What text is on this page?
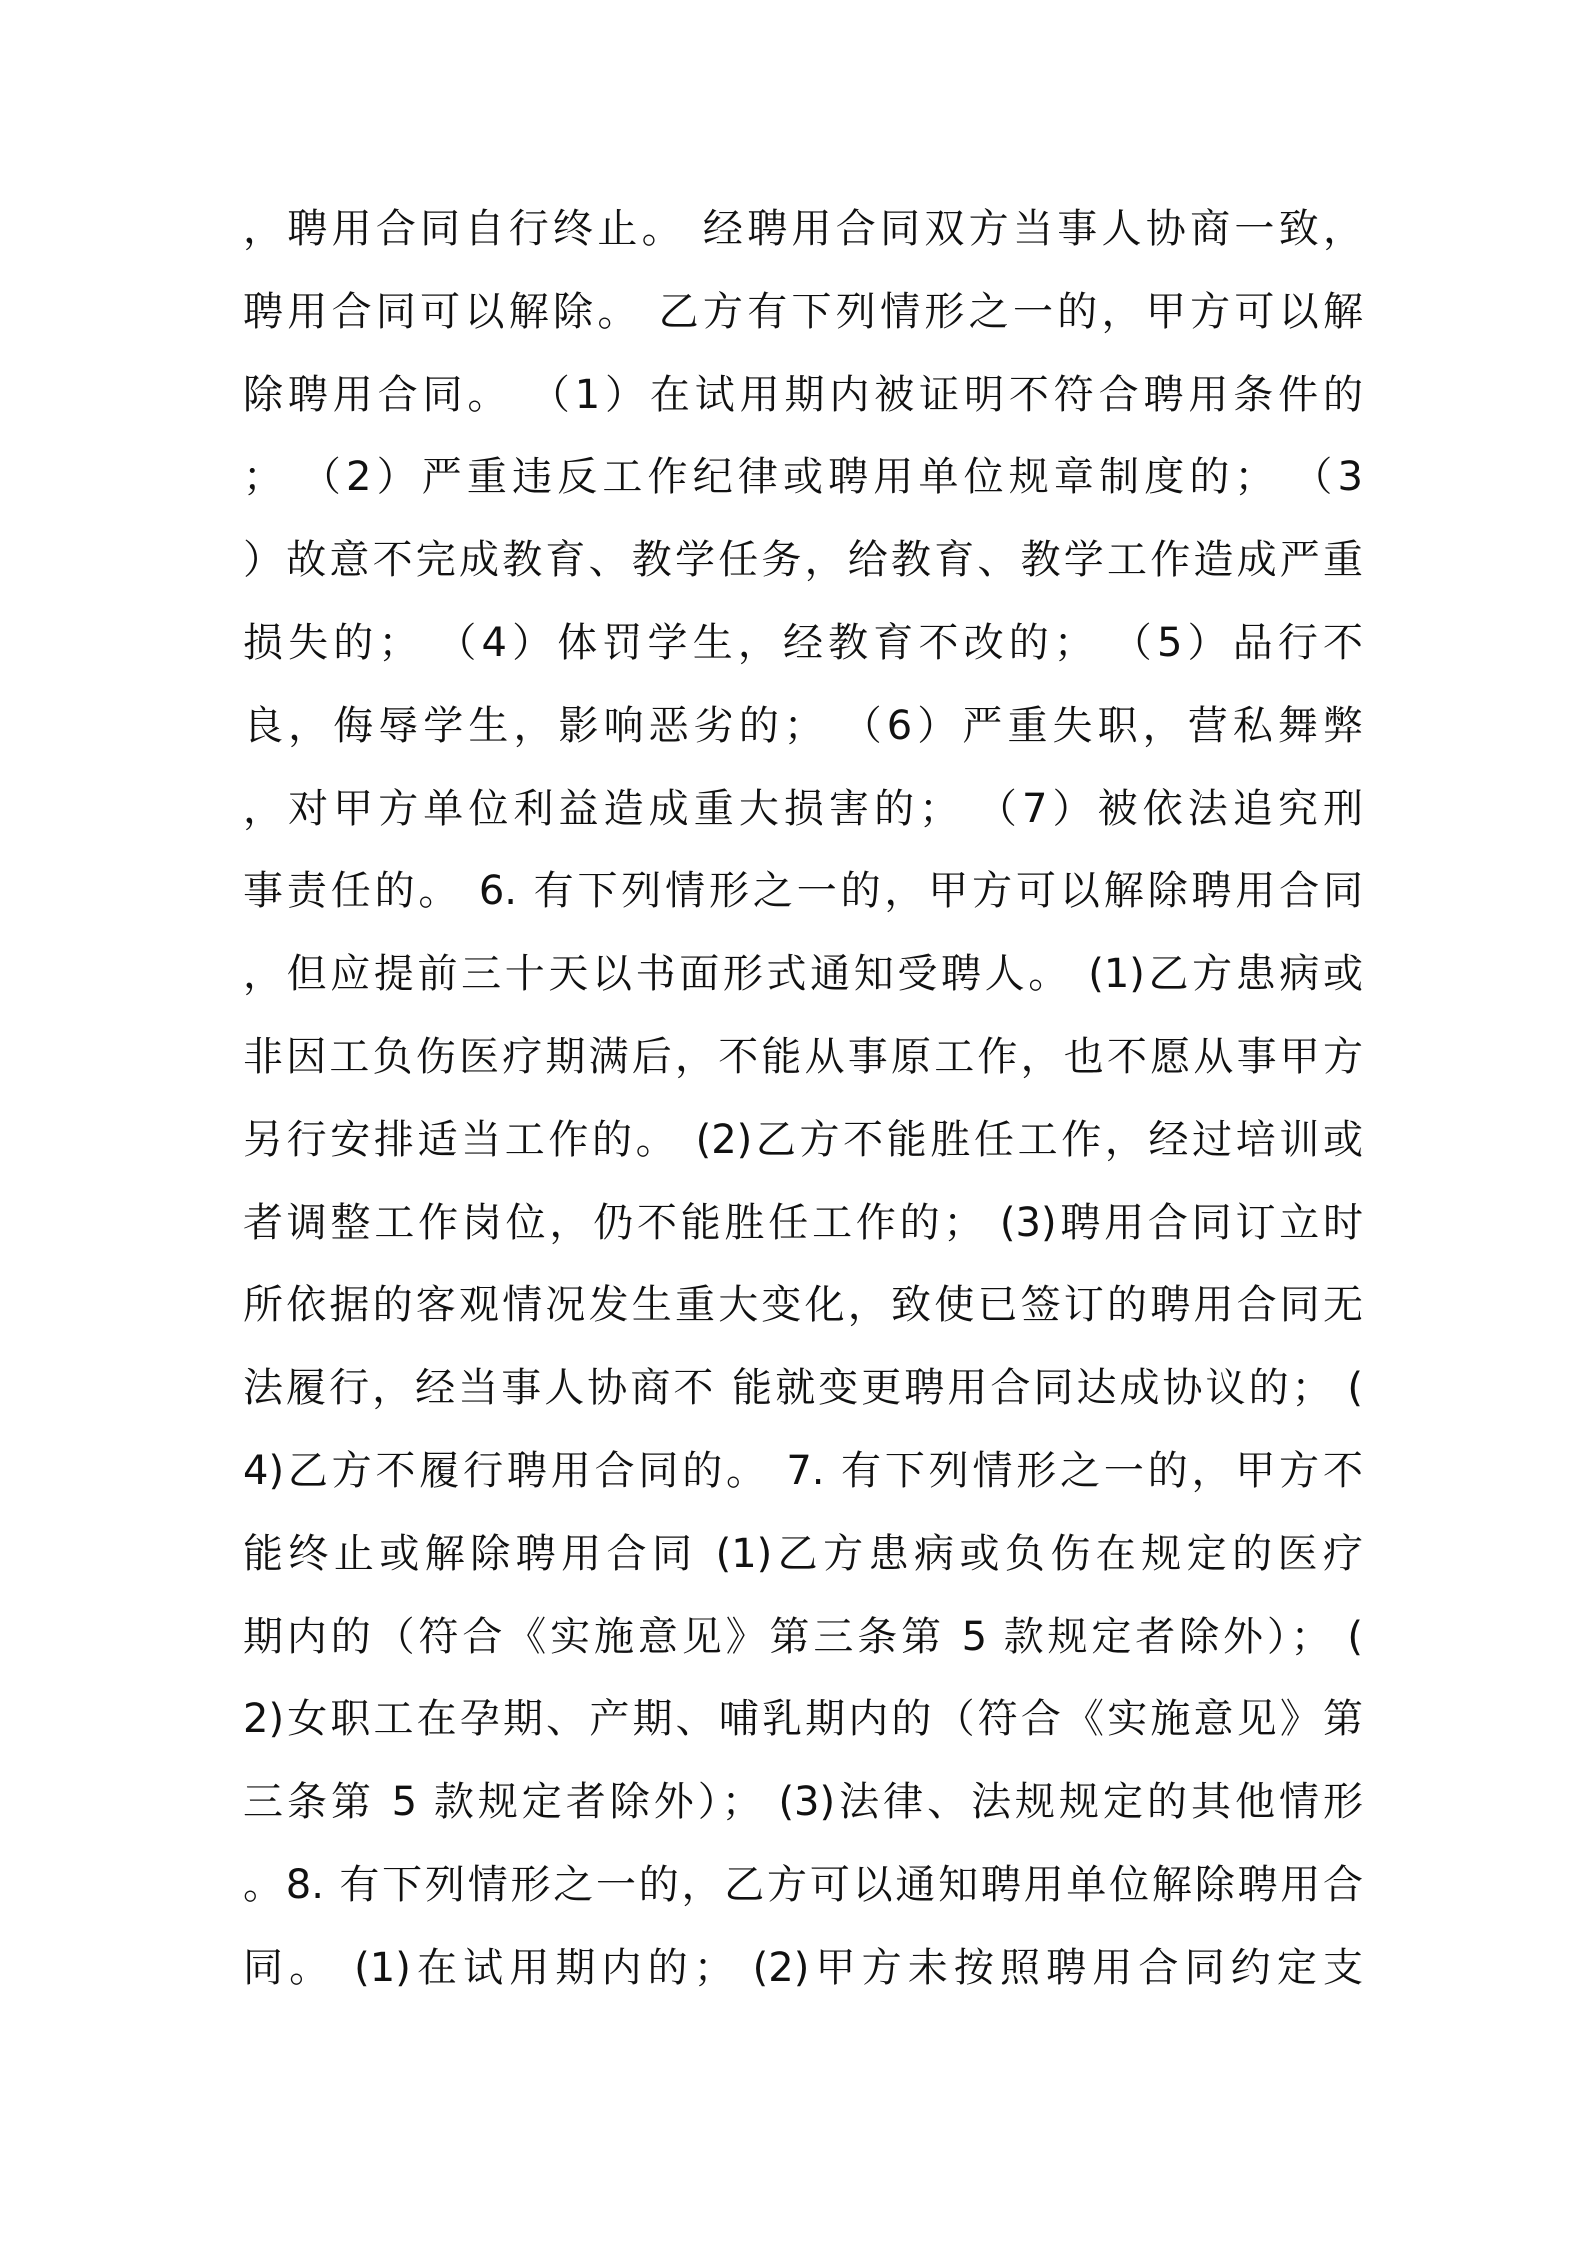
，聘用合同自行终止。 经聘用合同双方当事人协商一致，
聘用合同可以解除。 乙方有下列情形之一的，甲方可以解
除聘用合同。 （1）在试用期内被证明不符合聘用条件的
； （2）严重违反工作纪律或聘用单位规章制度的； （3
）故意不完成教育、教学任务，给教育、教学工作造成严重
损失的； （4）体罚学生，经教育不改的； （5）品行不
良，侮辱学生，影响恶劣的； （6）严重失职，营私舞弊
，对甲方单位利益造成重大损害的； （7）被依法追究刑
事责任的。 6. 有下列情形之一的，甲方可以解除聘用合同
，但应提前三十天以书面形式通知受聘人。 (1)乙方患病或
非因工负伤医疗期满后，不能从事原工作，也不愿从事甲方
另行安排适当工作的。 (2)乙方不能胜任工作，经过培训或
者调整工作岗位，仍不能胜任工作的； (3)聘用合同订立时
所依据的客观情况发生重大变化，致使已签订的聘用合同无
法履行，经当事人协商不 能就变更聘用合同达成协议的； (
4)乙方不履行聘用合同的。 7. 有下列情形之一的，甲方不
能终止或解除聘用合同 (1)乙方患病或负伤在规定的医疗
期内的（符合《实施意见》第三条第 5 款规定者除外）； (
2)女职工在孕期、产期、哺乳期内的（符合《实施意见》第
三条第 5 款规定者除外）； (3)法律、法规规定的其他情形
。8. 有下列情形之一的，乙方可以通知聘用单位解除聘用合
同。 (1)在试用期内的； (2)甲方未按照聘用合同约定支
